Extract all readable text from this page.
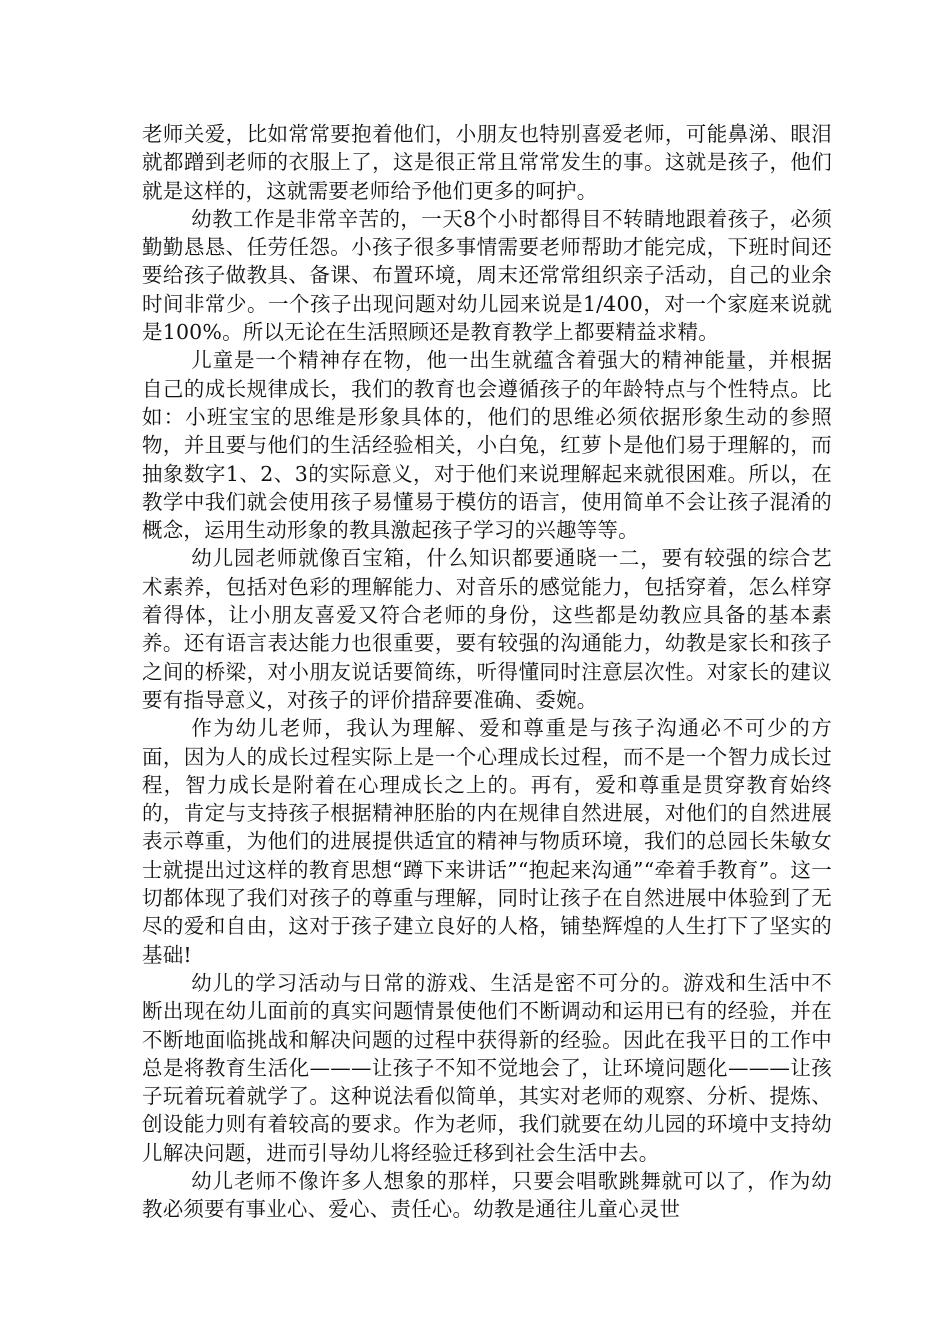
老师关爱，比如常常要抱着他们，小朋友也特别喜爱老师，可能鼻涕、眼泪就都蹭到老师的衣服上了，这是很正常且常常发生的事。这就是孩子，他们就是这样的，这就需要老师给予他们更多的呵护。

幼教工作是非常辛苦的，一天8个小时都得目不转睛地跟着孩子，必须勤勤恳恳、任劳任怨。小孩子很多事情需要老师帮助才能完成，下班时间还要给孩子做教具、备课、布置环境，周末还常常组织亲子活动，自己的业余时间非常少。一个孩子出现问题对幼儿园来说是1/400，对一个家庭来说就是100%。所以无论在生活照顾还是教育教学上都要精益求精。

儿童是一个精神存在物，他一出生就蕴含着强大的精神能量，并根据自己的成长规律成长，我们的教育也会遵循孩子的年龄特点与个性特点。比如：小班宝宝的思维是形象具体的，他们的思维必须依据形象生动的参照物，并且要与他们的生活经验相关，小白兔，红萝卜是他们易于理解的，而抽象数字1、2、3的实际意义，对于他们来说理解起来就很困难。所以，在教学中我们就会使用孩子易懂易于模仿的语言，使用简单不会让孩子混淆的概念，运用生动形象的教具激起孩子学习的兴趣等等。

幼儿园老师就像百宝箱，什么知识都要通晓一二，要有较强的综合艺术素养，包括对色彩的理解能力、对音乐的感觉能力，包括穿着，怎么样穿着得体，让小朋友喜爱又符合老师的身份，这些都是幼教应具备的基本素养。还有语言表达能力也很重要，要有较强的沟通能力，幼教是家长和孩子之间的桥梁，对小朋友说话要简练，听得懂同时注意层次性。对家长的建议要有指导意义，对孩子的评价措辞要准确、委婉。

作为幼儿老师，我认为理解、爱和尊重是与孩子沟通必不可少的方面，因为人的成长过程实际上是一个心理成长过程，而不是一个智力成长过程，智力成长是附着在心理成长之上的。再有，爱和尊重是贯穿教育始终的，肯定与支持孩子根据精神胚胎的内在规律自然进展，对他们的自然进展表示尊重，为他们的进展提供适宜的精神与物质环境，我们的总园长朱敏女士就提出过这样的教育思想“蹲下来讲话”“抱起来沟通”“牵着手教育”。这一切都体现了我们对孩子的尊重与理解，同时让孩子在自然进展中体验到了无尽的爱和自由，这对于孩子建立良好的人格，铺垫辉煌的人生打下了坚实的基础!

幼儿的学习活动与日常的游戏、生活是密不可分的。游戏和生活中不断出现在幼儿面前的真实问题情景使他们不断调动和运用已有的经验，并在不断地面临挑战和解决问题的过程中获得新的经验。因此在我平日的工作中总是将教育生活化———让孩子不知不觉地会了，让环境问题化———让孩子玩着玩着就学了。这种说法看似简单，其实对老师的观察、分析、提炼、创设能力则有着较高的要求。作为老师，我们就要在幼儿园的环境中支持幼儿解决问题，进而引导幼儿将经验迁移到社会生活中去。

幼儿老师不像许多人想象的那样，只要会唱歌跳舞就可以了，作为幼教必须要有事业心、爱心、责任心。幼教是通往儿童心灵世
